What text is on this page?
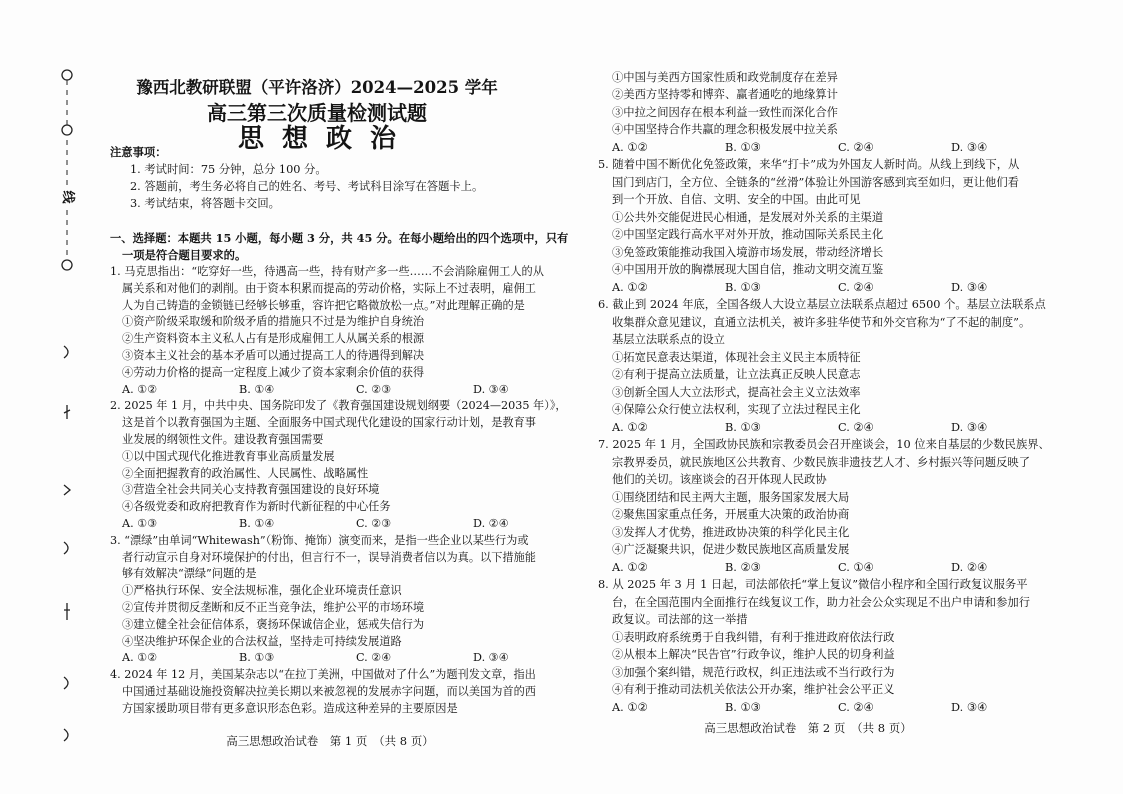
线
豫西北教研联盟（平许洛济）2024—2025 学年
高三第三次质量检测试题
思想政治
注意事项：
1. 考试时间：75 分钟，总分 100 分。
2. 答题前，考生务必将自己的姓名、考号、考试科目涂写在答题卡上。
3. 考试结束，将答题卡交回。
一、选择题：本题共 15 小题，每小题 3 分，共 45 分。在每小题给出的四个选项中，只有
一项是符合题目要求的。
1. 马克思指出：“吃穿好一些，待遇高一些，持有财产多一些……不会消除雇佣工人的从
属关系和对他们的剥削。由于资本积累而提高的劳动价格，实际上不过表明，雇佣工
人为自己铸造的金锁链已经够长够重，容许把它略微放松一点。”对此理解正确的是
①资产阶级采取缓和阶级矛盾的措施只不过是为维护自身统治
②生产资料资本主义私人占有是形成雇佣工人从属关系的根源
③资本主义社会的基本矛盾可以通过提高工人的待遇得到解决
④劳动力价格的提高一定程度上减少了资本家剩余价值的获得
A. ①②	B. ①④	C. ②③	D. ③④
2. 2025 年 1 月，中共中央、国务院印发了《教育强国建设规划纲要（2024—2035 年）》，
这是首个以教育强国为主题、全面服务中国式现代化建设的国家行动计划，是教育事
业发展的纲领性文件。建设教育强国需要
①以中国式现代化推进教育事业高质量发展
②全面把握教育的政治属性、人民属性、战略属性
③营造全社会共同关心支持教育强国建设的良好环境
④各级党委和政府把教育作为新时代新征程的中心任务
A. ①③	B. ①④	C. ②③	D. ②④
3. “漂绿”由单词“Whitewash”（粉饰、掩饰）演变而来，是指一些企业以某些行为或
者行动宣示自身对环境保护的付出，但言行不一，误导消费者信以为真。以下措施能
够有效解决“漂绿”问题的是
①严格执行环保、安全法规标准，强化企业环境责任意识
②宣传并贯彻反垄断和反不正当竞争法，维护公平的市场环境
③建立健全社会征信体系，褒扬环保诚信企业，惩戒失信行为
④坚决维护环保企业的合法权益，坚持走可持续发展道路
A. ①②	B. ①③	C. ②④	D. ③④
4. 2024 年 12 月，美国某杂志以“在拉丁美洲，中国做对了什么”为题刊发文章，指出
中国通过基础设施投资解决拉美长期以来被忽视的发展赤字问题，而以美国为首的西
方国家援助项目带有更多意识形态色彩。造成这种差异的主要原因是
高三思想政治试卷　第 1 页　（共 8 页）
①中国与美西方国家性质和政党制度存在差异
②美西方坚持零和博弈、赢者通吃的地缘算计
③中拉之间因存在根本利益一致性而深化合作
④中国坚持合作共赢的理念积极发展中拉关系
A. ①②	B. ①③	C. ②④	D. ③④
5. 随着中国不断优化免签政策，来华“打卡”成为外国友人新时尚。从线上到线下，从
国门到店门，全方位、全链条的“丝滑”体验让外国游客感到宾至如归，更让他们看
到一个开放、自信、文明、安全的中国。由此可见
①公共外交能促进民心相通，是发展对外关系的主渠道
②中国坚定践行高水平对外开放，推动国际关系民主化
③免签政策能推动我国入境游市场发展，带动经济增长
④中国用开放的胸襟展现大国自信，推动文明交流互鉴
A. ①②	B. ①③	C. ②④	D. ③④
6. 截止到 2024 年底，全国各级人大设立基层立法联系点超过 6500 个。基层立法联系点
收集群众意见建议，直通立法机关，被许多驻华使节和外交官称为“了不起的制度”。
基层立法联系点的设立
①拓宽民意表达渠道，体现社会主义民主本质特征
②有利于提高立法质量，让立法真正反映人民意志
③创新全国人大立法形式，提高社会主义立法效率
④保障公众行使立法权利，实现了立法过程民主化
A. ①②	B. ①③	C. ②④	D. ③④
7. 2025 年 1 月，全国政协民族和宗教委员会召开座谈会，10 位来自基层的少数民族界、
宗教界委员，就民族地区公共教育、少数民族非遗技艺人才、乡村振兴等问题反映了
他们的关切。该座谈会的召开体现人民政协
①围绕团结和民主两大主题，服务国家发展大局
②聚焦国家重点任务，开展重大决策的政治协商
③发挥人才优势，推进政协决策的科学化民主化
④广泛凝聚共识，促进少数民族地区高质量发展
A. ①②	B. ②③	C. ①④	D. ②④
8. 从 2025 年 3 月 1 日起，司法部依托“掌上复议”微信小程序和全国行政复议服务平
台，在全国范围内全面推行在线复议工作，助力社会公众实现足不出户申请和参加行
政复议。司法部的这一举措
①表明政府系统勇于自我纠错，有利于推进政府依法行政
②从根本上解决“民告官”行政争议，维护人民的切身利益
③加强个案纠错，规范行政权，纠正违法或不当行政行为
④有利于推动司法机关依法公开办案，维护社会公平正义
A. ①②	B. ①③	C. ②④	D. ③④
高三思想政治试卷　第 2 页　（共 8 页）
